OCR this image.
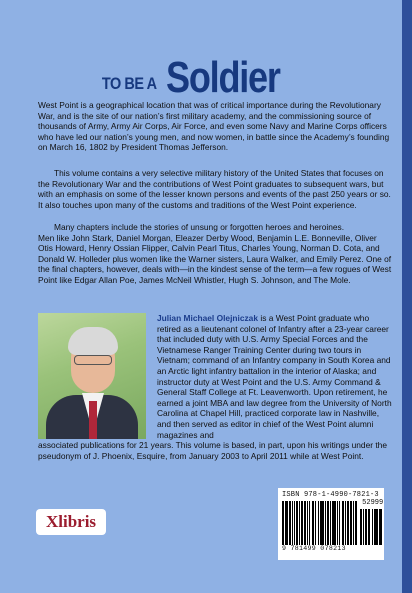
TO BE A Soldier

West Point is a geographical location that was of critical importance during the Revolutionary War, and is the site of our nation’s first military academy, and the commissioning source of thousands of Army, Army Air Corps, Air Force, and even some Navy and Marine Corps officers who have led our nation’s young men, and now women, in battle since the Academy’s founding on March 16, 1802 by President Thomas Jefferson.

This volume contains a very selective military history of the United States that focuses on the Revolutionary War and the contributions of West Point graduates to subsequent wars, but with an emphasis on some of the lesser known persons and events of the past 250 years or so. It also touches upon many of the customs and traditions of the West Point experience.

Many chapters include the stories of unsung or forgotten heroes and heroines.
Men like John Stark, Daniel Morgan, Eleazer Derby Wood, Benjamin L.E. Bonneville, Oliver Otis Howard, Henry Ossian Flipper, Calvin Pearl Titus, Charles Young, Norman D. Cota, and Donald W. Holleder plus women like the Warner sisters, Laura Walker, and Emily Perez. One of the final chapters, however, deals with—in the kindest sense of the term—a few rogues of West Point like Edgar Allan Poe, James McNeil Whistler, Hugh S. Johnson, and The Mole.

Julian Michael Olejniczak is a West Point graduate who retired as a lieutenant colonel of Infantry after a 23-year career that included duty with U.S. Army Special Forces and the Vietnamese Ranger Training Center during two tours in Vietnam; command of an Infantry company in South Korea and an Arctic light infantry battalion in the interior of Alaska; and instructor duty at West Point and the U.S. Army Command & General Staff College at Ft. Leavenworth. Upon retirement, he earned a joint MBA and law degree from the University of North Carolina at Chapel Hill, practiced corporate law in Nashville, and then served as editor in chief of the West Point alumni magazines and

associated publications for 21 years. This volume is based, in part, upon his writings under the pseudonym of J. Phoenix, Esquire, from January 2003 to April 2011 while at West Point.

Xlibris
ISBN 978-1-4990-7821-3
52999
9 781499 078213
